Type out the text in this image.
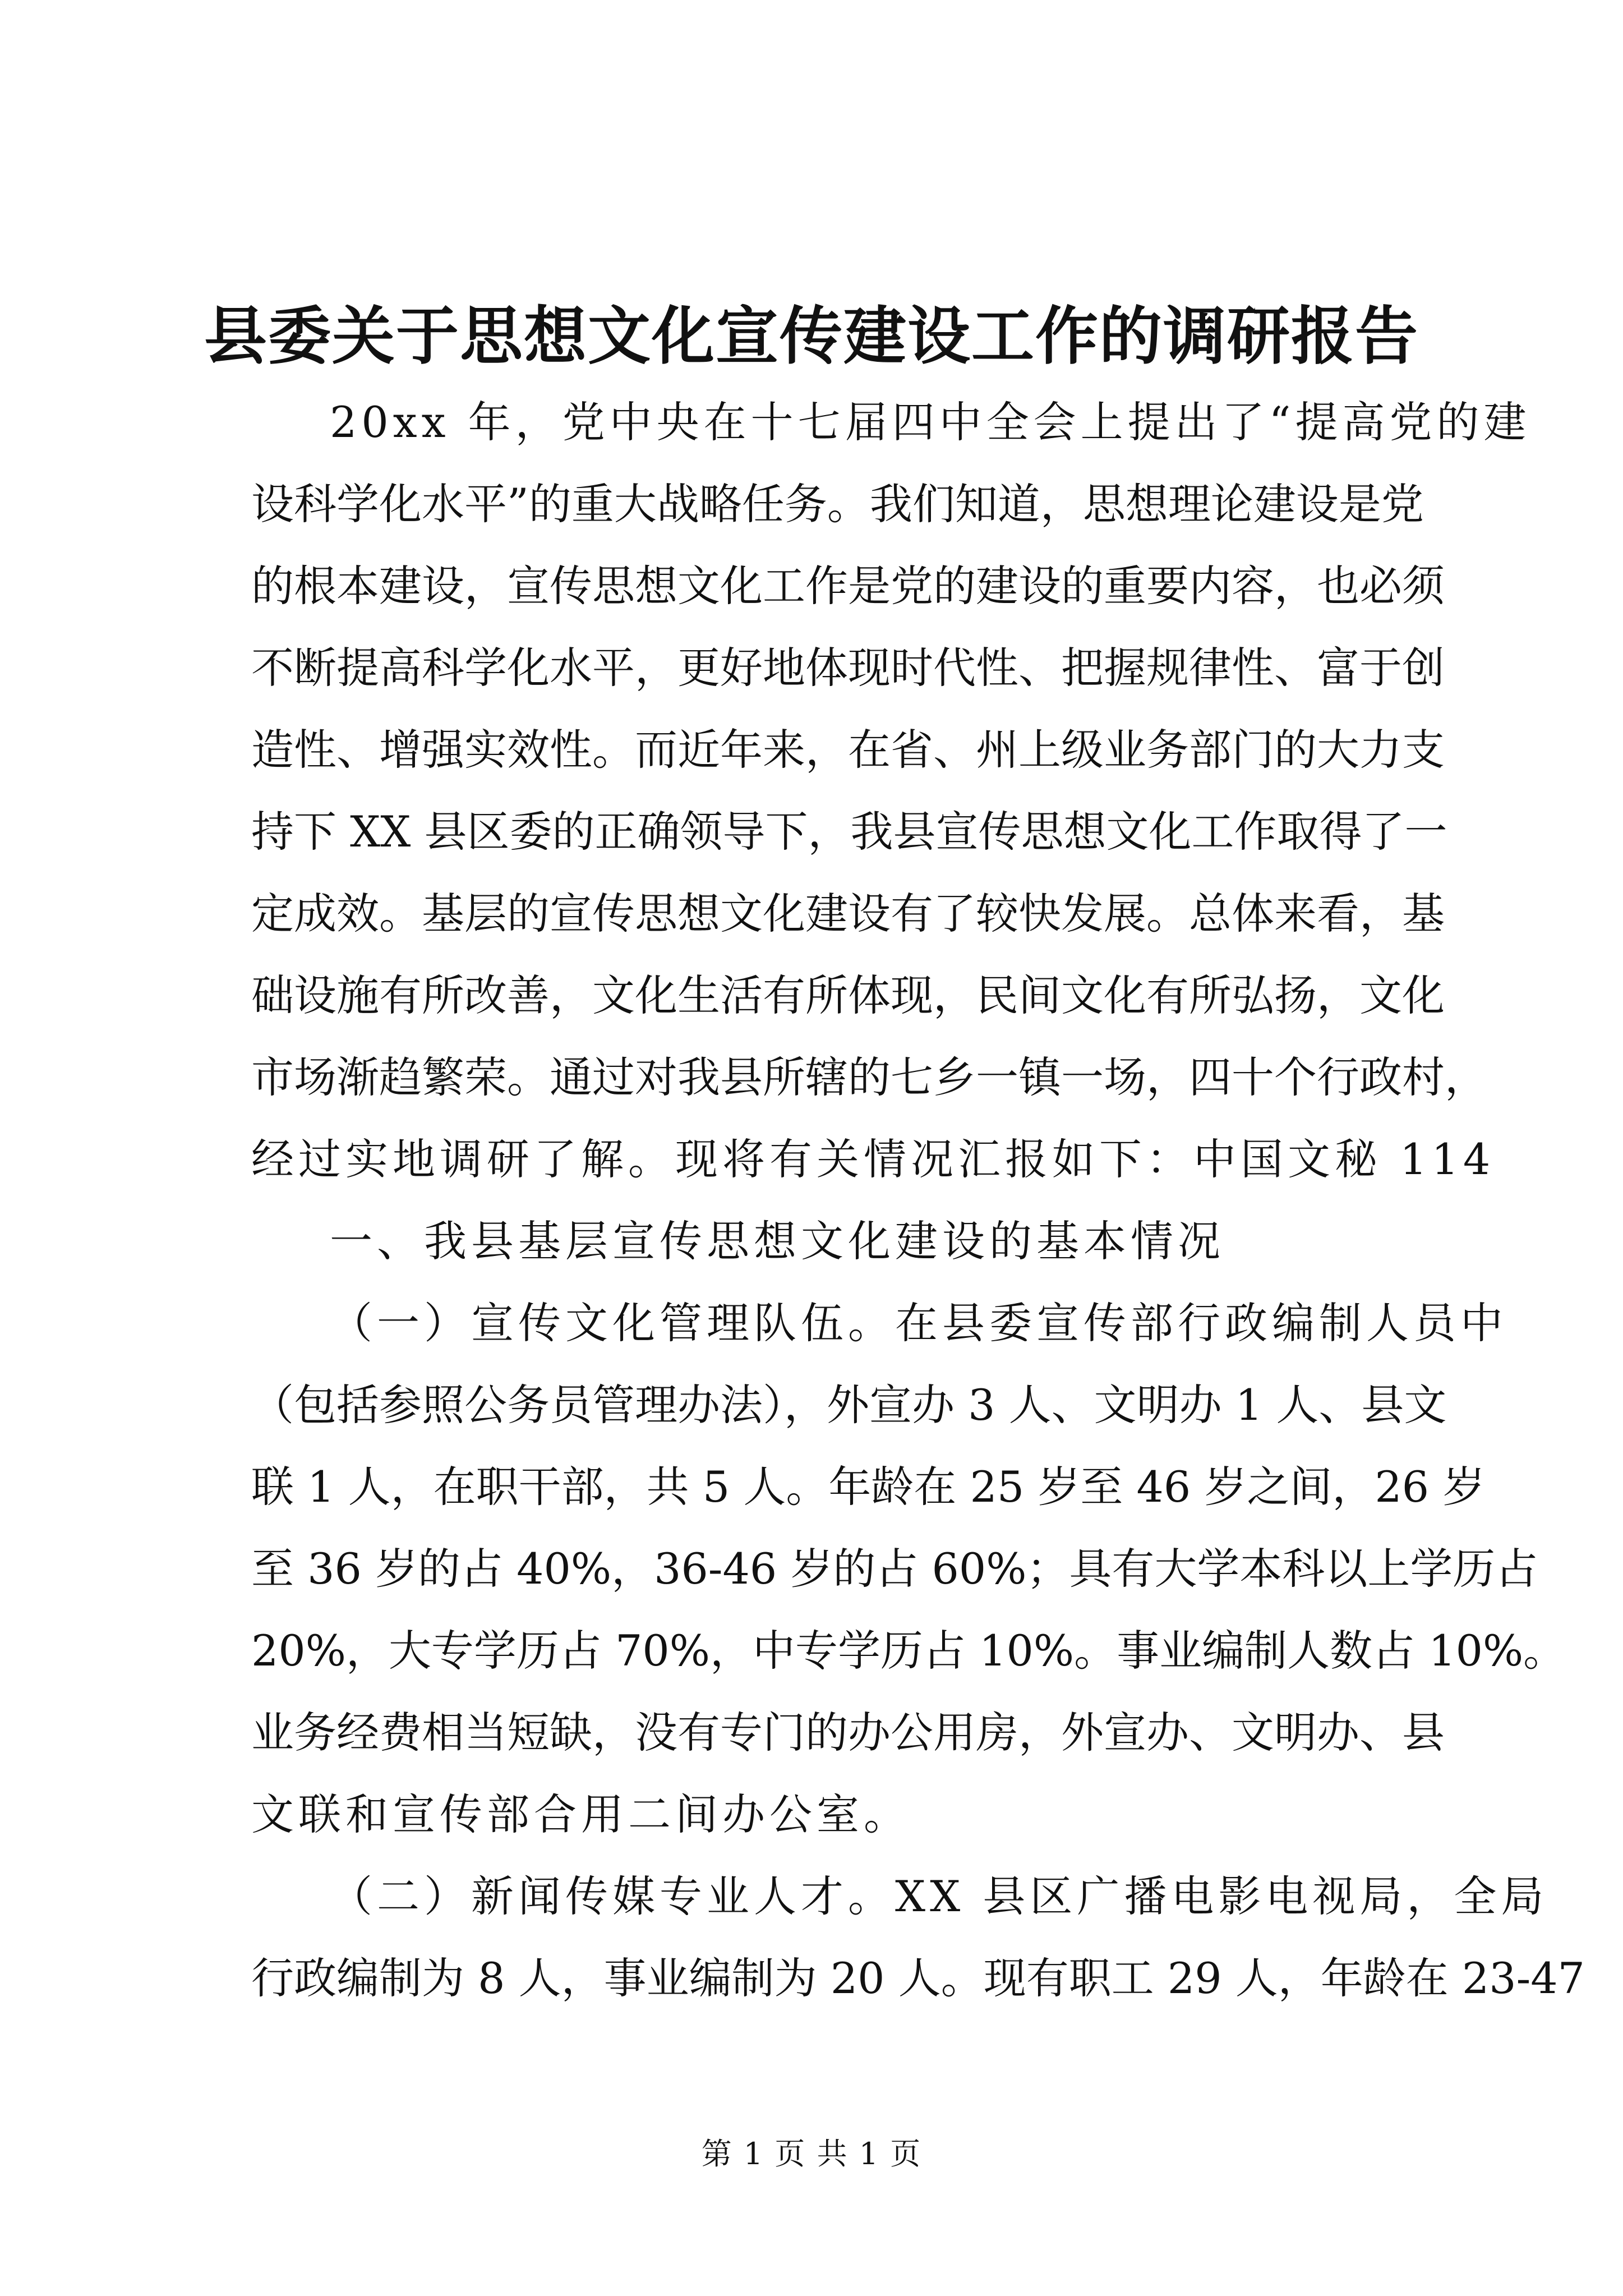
县委关于思想文化宣传建设工作的调研报告
20xx 年，党中央在十七届四中全会上提出了“提高党的建
设科学化水平”的重大战略任务。我们知道，思想理论建设是党
的根本建设，宣传思想文化工作是党的建设的重要内容，也必须
不断提高科学化水平，更好地体现时代性、把握规律性、富于创
造性、增强实效性。而近年来，在省、州上级业务部门的大力支
持下 XX 县区委的正确领导下，我县宣传思想文化工作取得了一
定成效。基层的宣传思想文化建设有了较快发展。总体来看，基
础设施有所改善，文化生活有所体现，民间文化有所弘扬，文化
市场渐趋繁荣。通过对我县所辖的七乡一镇一场，四十个行政村，
经过实地调研了解。现将有关情况汇报如下：中国文秘 114
一、我县基层宣传思想文化建设的基本情况
（一）宣传文化管理队伍。在县委宣传部行政编制人员中
（包括参照公务员管理办法），外宣办 3 人、文明办 1 人、县文
联 1 人，在职干部，共 5 人。年龄在 25 岁至 46 岁之间，26 岁
至 36 岁的占 40%，36-46 岁的占 60%；具有大学本科以上学历占
20%，大专学历占 70%，中专学历占 10%。事业编制人数占 10%。
业务经费相当短缺，没有专门的办公用房，外宣办、文明办、县
文联和宣传部合用二间办公室。
（二）新闻传媒专业人才。XX 县区广播电影电视局，全局
行政编制为 8 人，事业编制为 20 人。现有职工 29 人，年龄在 23-47
第 1 页 共 1 页
